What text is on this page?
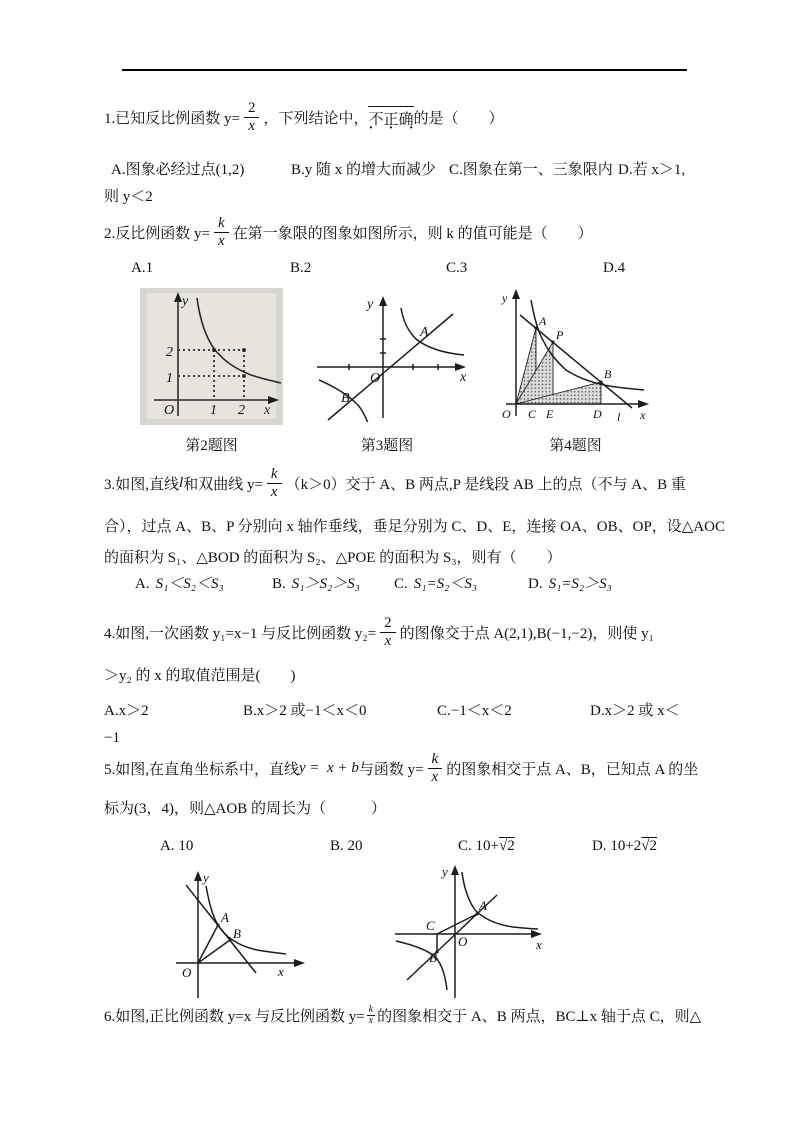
1.已知反比例函数 $y= \frac{2}{x}$ ，下列结论中， 不正确 · · · 的是（　　）
A.图象必经过点(1,2)	B.y 随 x 的增大而减少 C.图象在第一、三象限内 D.若 x＞1,
则 y＜2
2.反比例函数 $y= \frac{k}{x}$ 在第一象限的图象如图所示，则 k 的值可能是（　　）
A.1	B.2	C.3	D.4
y
x
O	1 2
2
1
y
x
O
A
B
y
x
O
A
P
B
C E	D l
第2题图	第3题图	第4题图
3.如图,直线 l 和双曲线 $y= \frac{k}{x} (k>0)$交于 A、B 两点,P 是线段 AB 上的点（不与 A、B 重
合），过点 A、B、P 分别向 x 轴作垂线，垂足分别为 C、D、E，连接 OA、OB、OP，设△AOC
的面积为 S₁、△BOD 的面积为 S₂、△POE 的面积为 S₃，则有（　　）
A. S₁＜S₂＜S₃	B. S₁＞S₂＞S₃ C. S₁=S₂＜S₃	D. S₁=S₂＞S₃
4.如图,一次函数 y₁=x−1 与反比例函数 $y_2= \frac{2}{x}$ 的图像交于点 A(2,1),B(−1,−2)，则使 y₁
＞y₂ 的 x 的取值范围是(　　)
A.x＞2	B.x＞2 或−1＜x＜0	C.−1＜x＜2	D.x＞2 或 x＜
−1
5.如图,在直角坐标系中，直线 y =  x + b 与函数 $y= \frac{k}{x}$ 的图象相交于点 A、B，已知点 A 的坐
标为(3，4)，则△AOB 的周长为（　　　）
A. 10	B. 20	C. 10+√2	D. 10+2√2
y
x
O
A
B
y
x
O
A
B
C
6.如图,正比例函数 y=x 与反比例函数 $y= \frac{k}{x}$ 的图象相交于 A、B 两点，BC⊥x 轴于点 C，则△
